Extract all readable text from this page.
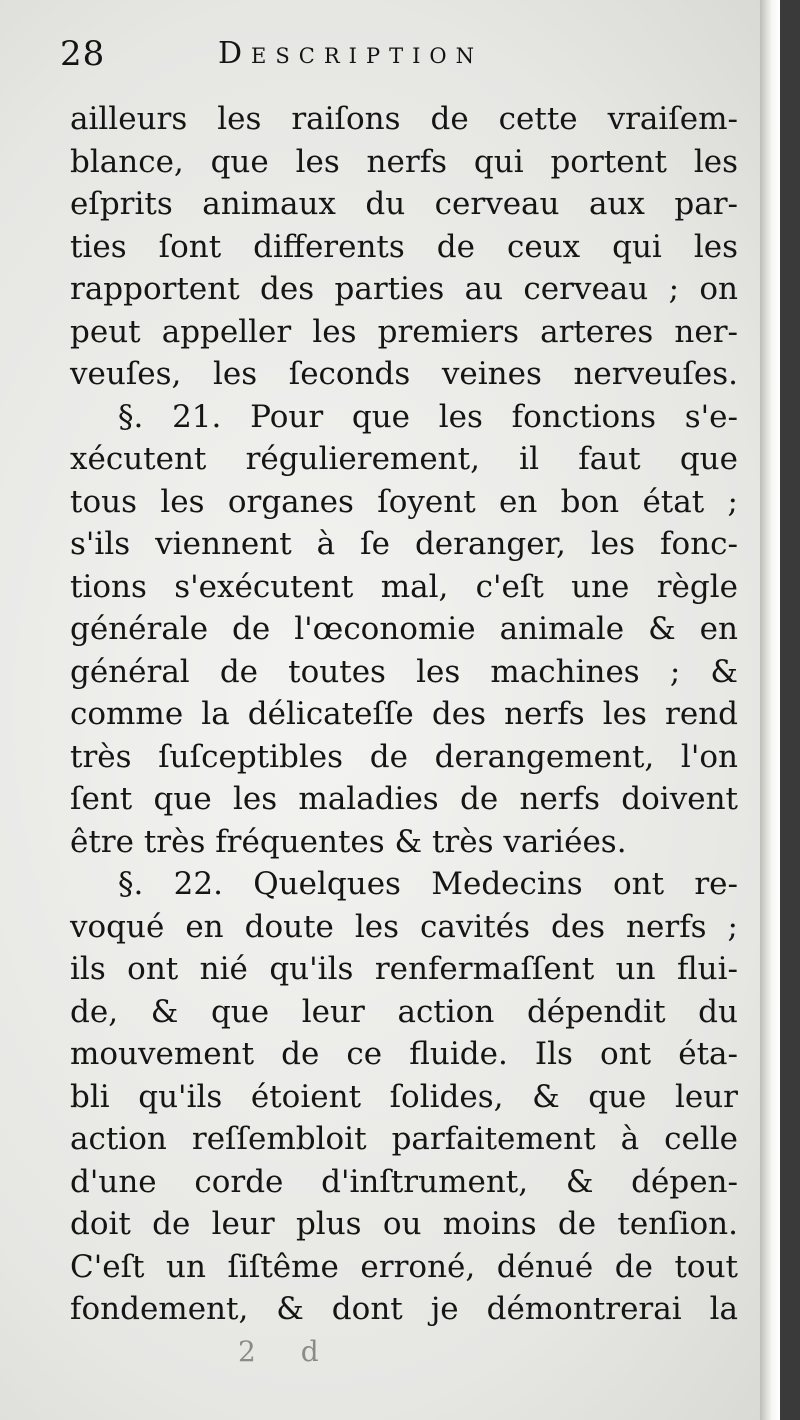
28	Description
ailleurs les raiſons de cette vraiſem-
blance, que les nerfs qui portent les
eſprits animaux du cerveau aux par-
ties ſont differents de ceux qui les
rapportent des parties au cerveau ; on
peut appeller les premiers arteres ner-
veuſes, les ſeconds veines nerveuſes.
§. 21. Pour que les fonctions s'e-
xécutent régulierement, il faut que
tous les organes ſoyent en bon état ;
s'ils viennent à ſe deranger, les fonc-
tions s'exécutent mal, c'eſt une règle
générale de l'œconomie animale & en
général de toutes les machines ; &
comme la délicateſſe des nerfs les rend
très ſuſceptibles de derangement, l'on
ſent que les maladies de nerfs doivent
être très fréquentes & très variées.
§. 22. Quelques Medecins ont re-
voqué en doute les cavités des nerfs ;
ils ont nié qu'ils renfermaſſent un flui-
de, & que leur action dépendit du
mouvement de ce fluide. Ils ont éta-
bli qu'ils étoient ſolides, & que leur
action reſſembloit parfaitement à celle
d'une corde d'inſtrument, & dépen-
doit de leur plus ou moins de tenſion.
C'eſt un ſiſtême erroné, dénué de tout
fondement, & dont je démontrerai la
2 d
